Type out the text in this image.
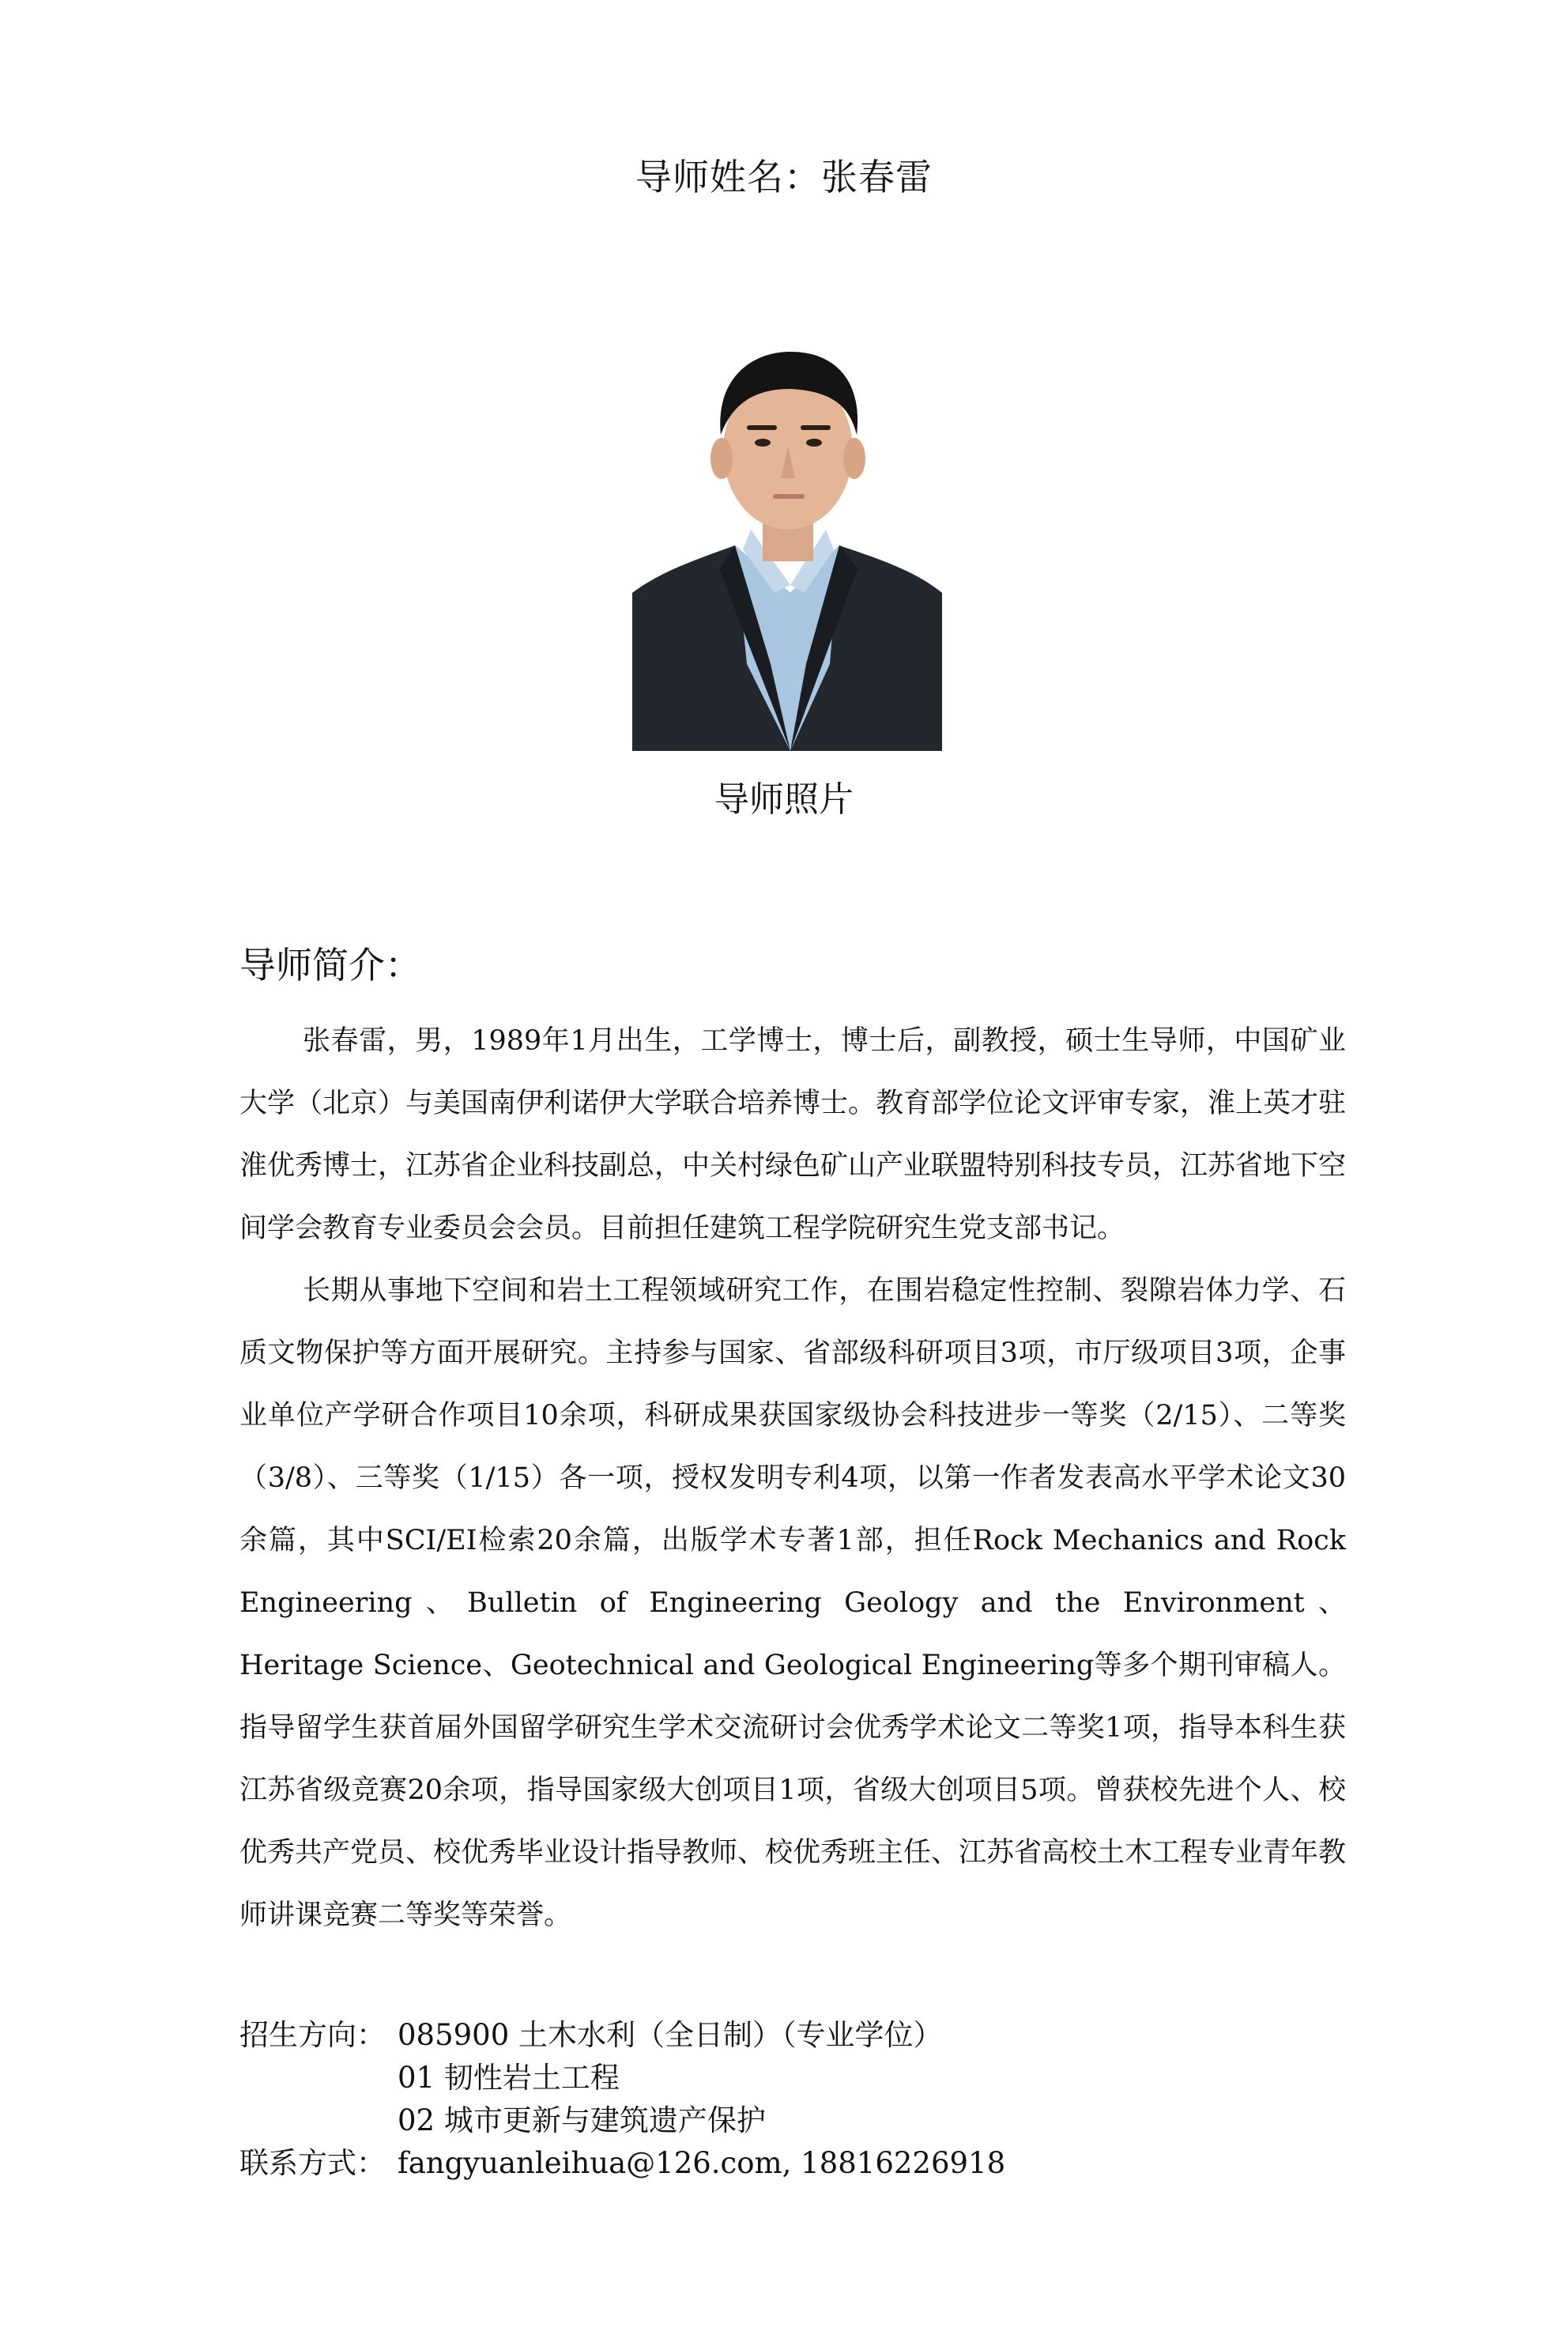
导师姓名：张春雷
导师照片
导师简介：

张春雷，男，1989年1月出生，工学博士，博士后，副教授，硕士生导师，中国矿业大学（北京）与美国南伊利诺伊大学联合培养博士。教育部学位论文评审专家，淮上英才驻淮优秀博士，江苏省企业科技副总，中关村绿色矿山产业联盟特别科技专员，江苏省地下空间学会教育专业委员会会员。目前担任建筑工程学院研究生党支部书记。

长期从事地下空间和岩土工程领域研究工作，在围岩稳定性控制、裂隙岩体力学、石质文物保护等方面开展研究。主持参与国家、省部级科研项目3项，市厅级项目3项，企事业单位产学研合作项目10余项，科研成果获国家级协会科技进步一等奖（2/15）、二等奖（3/8）、三等奖（1/15）各一项，授权发明专利4项，以第一作者发表高水平学术论文30余篇，其中SCI/EI检索20余篇，出版学术专著1部，担任Rock Mechanics and Rock Engineering、Bulletin of Engineering Geology and the Environment、Heritage Science、Geotechnical and Geological Engineering等多个期刊审稿人。指导留学生获首届外国留学研究生学术交流研讨会优秀学术论文二等奖1项，指导本科生获江苏省级竞赛20余项，指导国家级大创项目1项，省级大创项目5项。曾获校先进个人、校优秀共产党员、校优秀毕业设计指导教师、校优秀班主任、江苏省高校土木工程专业青年教师讲课竞赛二等奖等荣誉。

招生方向： 085900 土木水利（全日制）（专业学位）
01 韧性岩土工程
02 城市更新与建筑遗产保护
联系方式： fangyuanleihua@126.com, 18816226918
